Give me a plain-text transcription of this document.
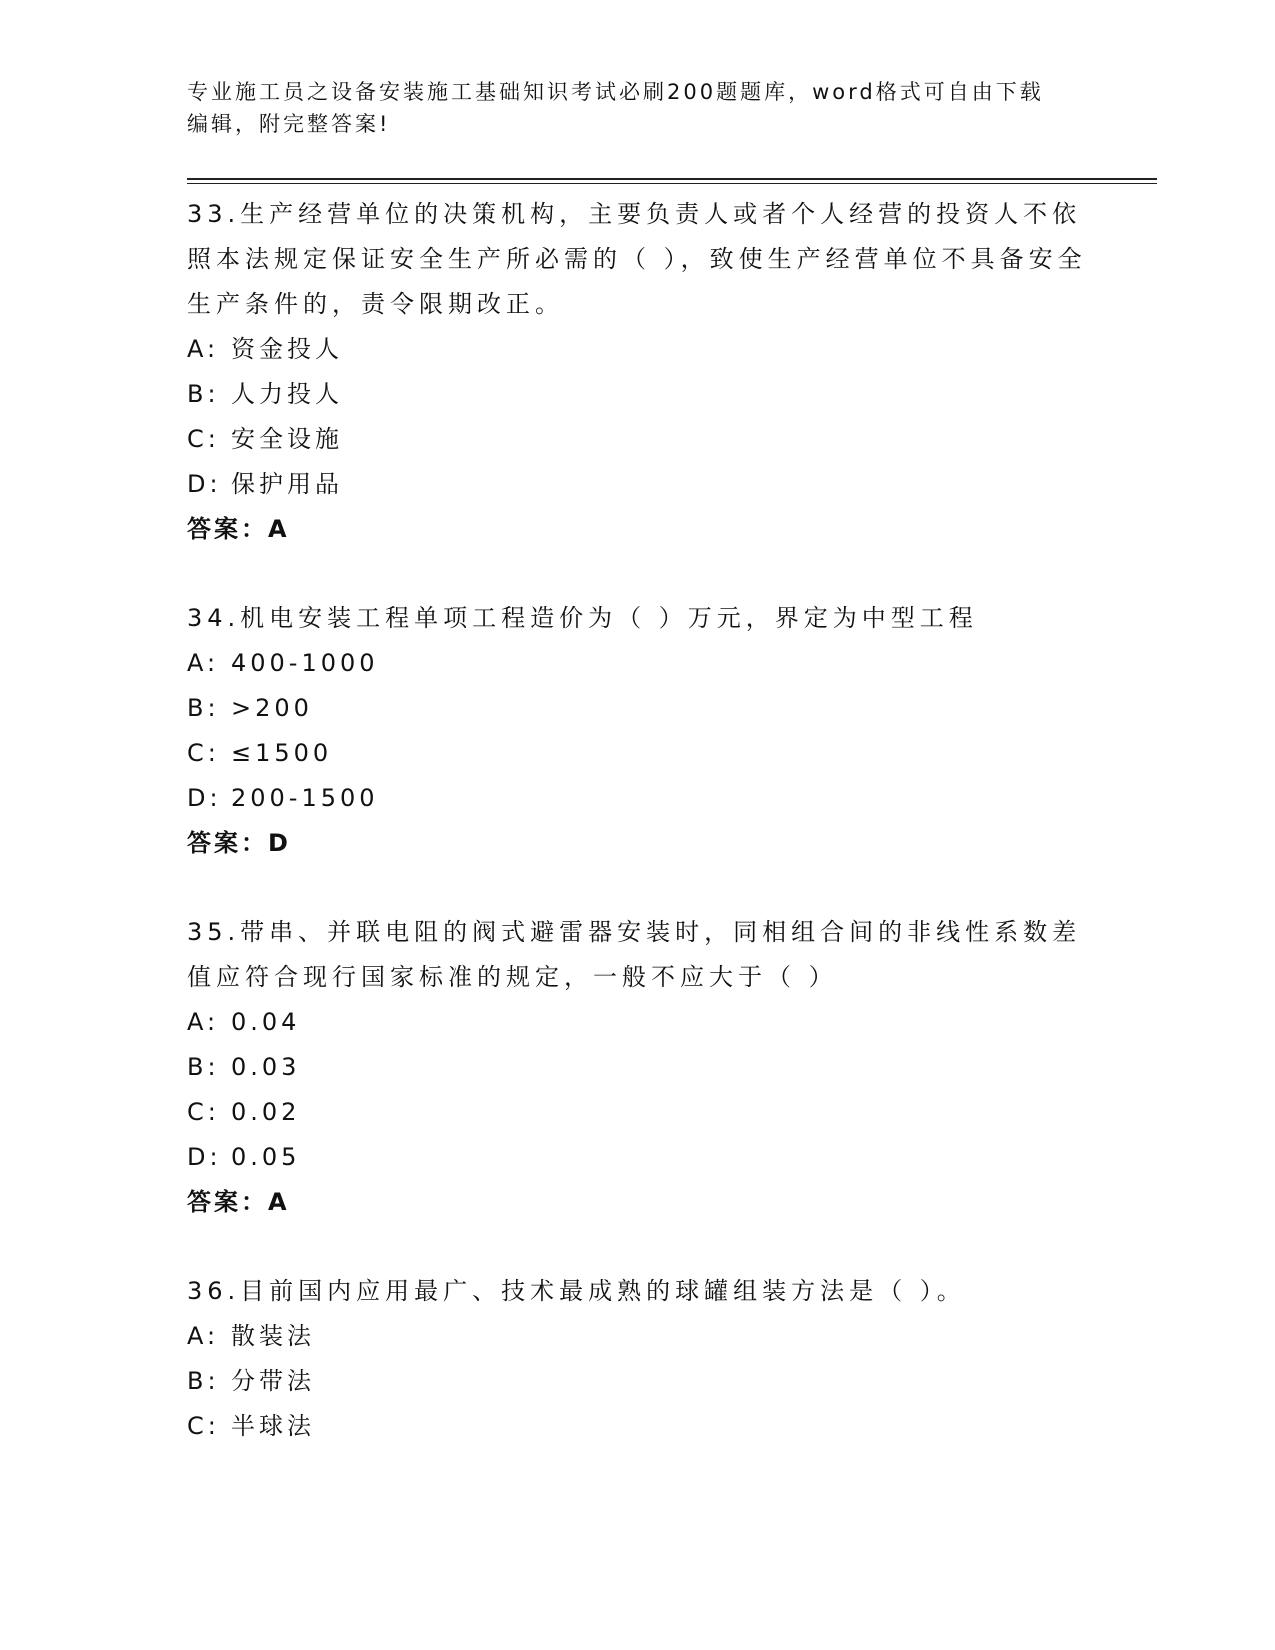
专业施工员之设备安装施工基础知识考试必刷200题题库，word格式可自由下载
编辑，附完整答案!
33.生产经营单位的决策机构，主要负责人或者个人经营的投资人不依照本法规定保证安全生产所必需的（ ），致使生产经营单位不具备安全生产条件的，责令限期改正。
A: 资金投人
B: 人力投人
C: 安全设施
D: 保护用品
答案：A
34.机电安装工程单项工程造价为（ ）万元，界定为中型工程
A: 400-1000
B: >200
C: ≤1500
D: 200-1500
答案：D
35.带串、并联电阻的阀式避雷器安装时，同相组合间的非线性系数差值应符合现行国家标准的规定，一般不应大于（ ）
A: 0.04
B: 0.03
C: 0.02
D: 0.05
答案：A
36.目前国内应用最广、技术最成熟的球罐组装方法是（ ）。
A: 散装法
B: 分带法
C: 半球法
